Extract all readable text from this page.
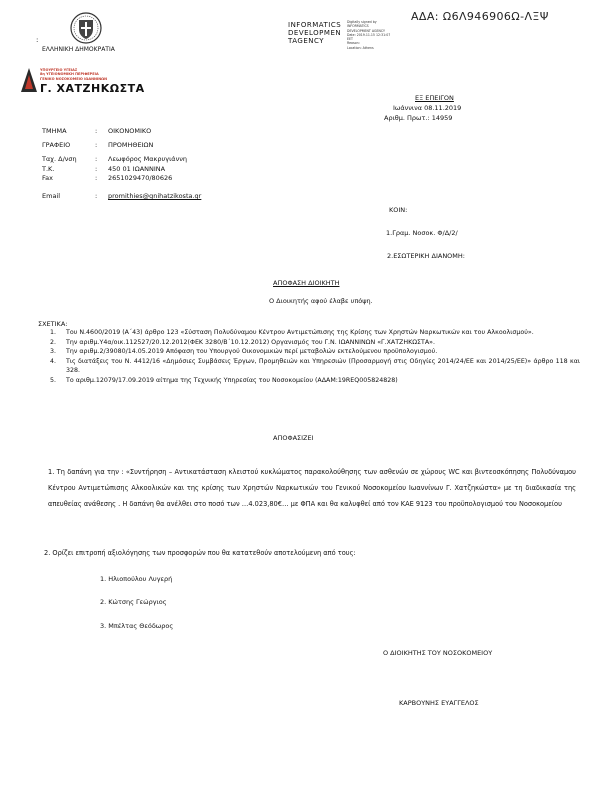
ΑΔΑ: Ω6Λ946906Ω-ΛΞΨ
INFORMATICS
DEVELOPMEN
TAGENCY
Digitally signed by
INFORMATICS
DEVELOPMENT AGENCY
Date: 2019.11.15 12:31:07
EET
Reason:
Location: Athens
:
ΕΛΛΗΝΙΚΗ ΔΗΜΟΚΡΑΤΙΑ
ΥΠΟΥΡΓΕΙΟ ΥΓΕΙΑΣ
8η ΥΓΕΙΟΝΟΜΙΚΗ ΠΕΡΙΦΕΡΕΙΑ
ΓΕΝΙΚΟ ΝΟΣΟΚΟΜΕΙΟ ΙΩΑΝΝΙΝΩΝ
Γ. ΧΑΤΖΗΚΩΣΤΑ
ΕΞ ΕΠΕΙΓΟΝ
Ιωάννινα 08.11.2019
Αριθμ. Πρωτ.: 14959
ΤΜΗΜΑ	: ΟΙΚΟΝΟΜΙΚΟ
ΓΡΑΦΕΙΟ	: ΠΡΟΜΗΘΕΙΩΝ
Ταχ. Δ/νση	: Λεωφόρος Μακρυγιάννη
Τ.Κ.	: 450 01 ΙΩΑΝΝΙΝΑ
Fax	: 2651029470/80626
Email	: promithies@gnihatzikosta.gr
ΚΟΙΝ:
1.Γραμ. Νοσοκ. Φ/Δ/2/
2.ΕΣΩΤΕΡΙΚΗ ΔΙΑΝΟΜΗ:
ΑΠΟΦΑΣΗ ΔΙΟΙΚΗΤΗ
Ο Διοικητής αφού έλαβε υπόψη.
ΣΧΕΤΙΚΑ:
1.	Του Ν.4600/2019 (Α΄43) άρθρο 123 «Σύσταση Πολυδύναμου Κέντρου Αντιμετώπισης της Κρίσης των Χρηστών Ναρκωτικών και του Αλκοολισμού».
2.	Την αριθμ.Υ4α/οικ.112527/20.12.2012(ΦΕΚ 3280/Β΄10.12.2012) Οργανισμός του Γ.Ν. ΙΩΑΝΝΙΝΩΝ «Γ.ΧΑΤΖΗΚΩΣΤΑ».
3.	Την αριθμ.2/39080/14.05.2019 Απόφαση του Υπουργού Οικονομικών περί μεταβολών εκτελούμενου προϋπολογισμού.
4.	Τις διατάξεις του Ν. 4412/16 «Δημόσιες Συμβάσεις Έργων, Προμηθειών και Υπηρεσιών (Προσαρμογή στις Οδηγίες 2014/24/ΕΕ και 2014/25/ΕΕ)» άρθρο 118 και 328.
5.	Το αριθμ.12079/17.09.2019 αίτημα της Τεχνικής Υπηρεσίας του Νοσοκομείου (ΑΔΑΜ:19REQ005824828)
ΑΠΟΦΑΣΙΖΕΙ
1. Τη δαπάνη για την : «Συντήρηση – Αντικατάσταση κλειστού κυκλώματος παρακολούθησης των ασθενών σε χώρους WC και βιντεοσκόπησης Πολυδύναμου Κέντρου Αντιμετώπισης Αλκοολικών και της κρίσης των Χρηστών Ναρκωτικών του Γενικού Νοσοκομείου Ιωαννίνων Γ. Χατζηκώστα» με τη διαδικασία της απευθείας ανάθεσης . Η δαπάνη θα ανέλθει στο ποσό των …4.023,80€… με ΦΠΑ και θα καλυφθεί από τον ΚΑΕ 9123 του προϋπολογισμού του Νοσοκομείου
2. Ορίζει επιτροπή αξιολόγησης των προσφορών που θα κατατεθούν αποτελούμενη από τους:
1. Ηλιοπούλου Λυγερή
2. Κώτσης Γεώργιος
3. Μπέλτας Θεόδωρος
Ο ΔΙΟΙΚΗΤΗΣ ΤΟΥ ΝΟΣΟΚΟΜΕΙΟΥ
ΚΑΡΒΟΥΝΗΣ ΕΥΑΓΓΕΛΟΣ
